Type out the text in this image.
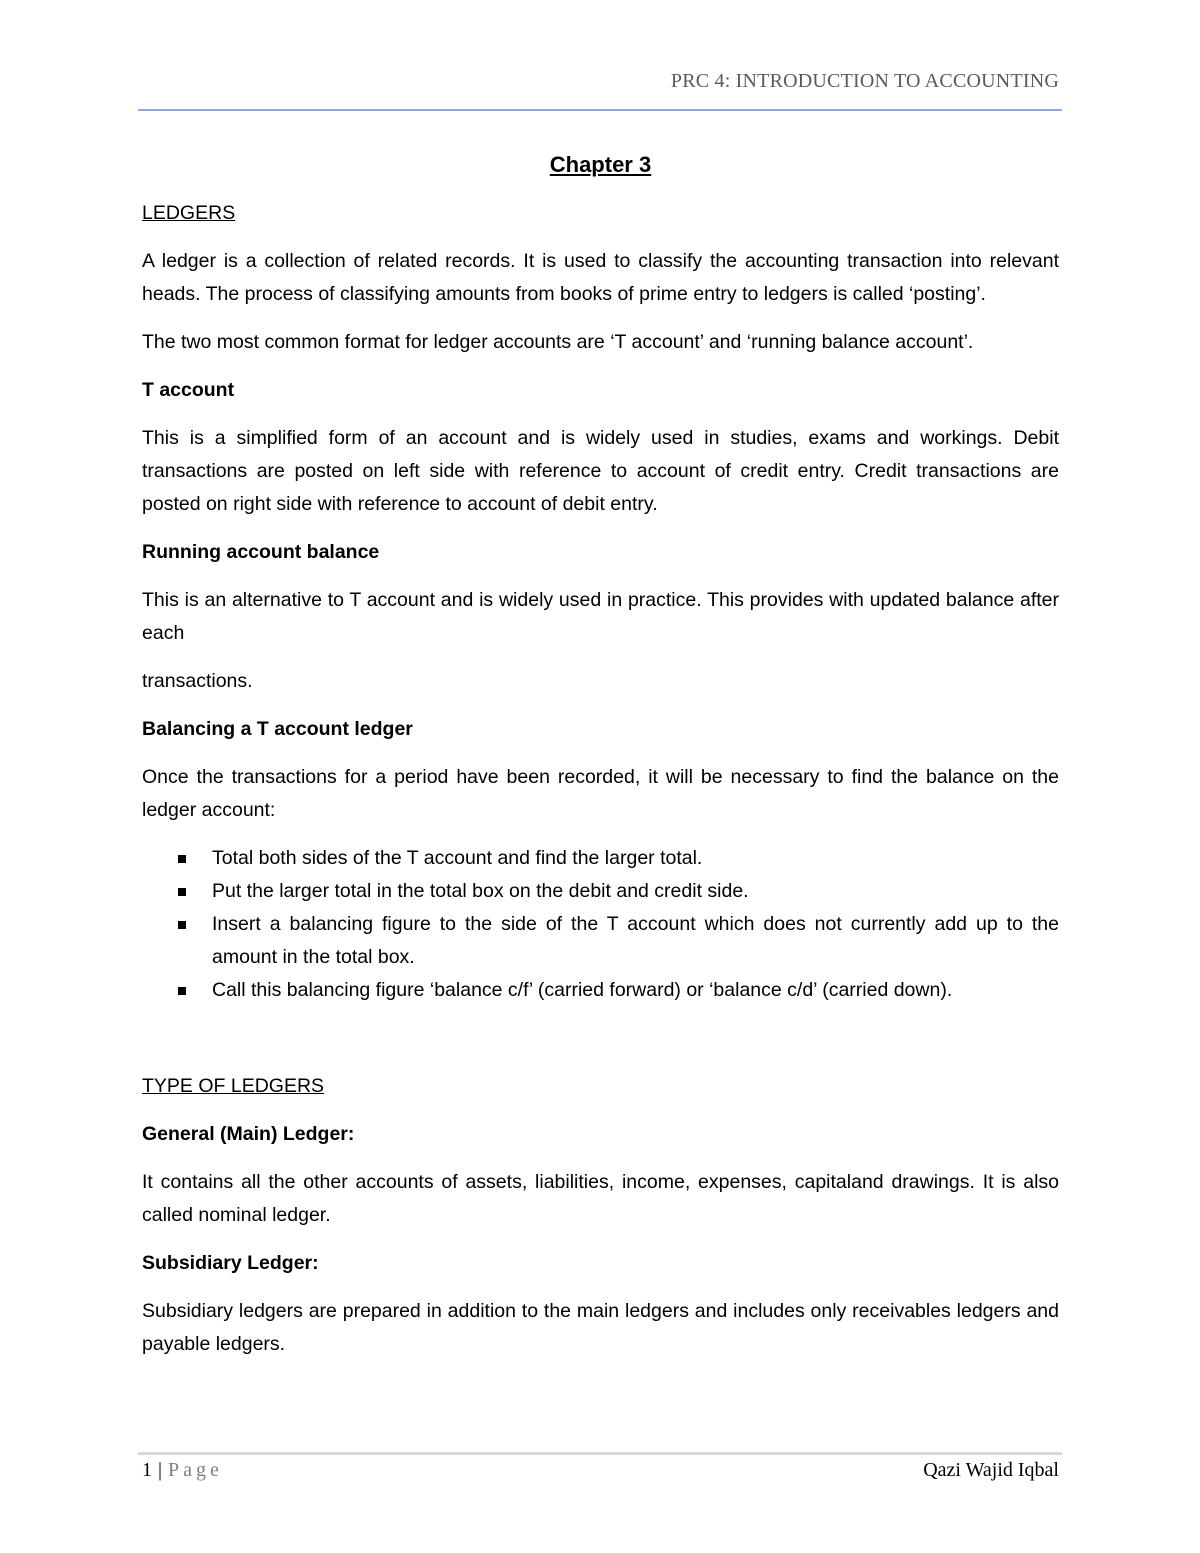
PRC 4: INTRODUCTION TO ACCOUNTING

Chapter 3

LEDGERS

A ledger is a collection of related records. It is used to classify the accounting transaction into relevant heads. The process of classifying amounts from books of prime entry to ledgers is called ‘posting’.

The two most common format for ledger accounts are ‘T account’ and ‘running balance account’.

T account

This is a simplified form of an account and is widely used in studies, exams and workings. Debit transactions are posted on left side with reference to account of credit entry. Credit transactions are posted on right side with reference to account of debit entry.

Running account balance

This is an alternative to T account and is widely used in practice. This provides with updated balance after each

transactions.

Balancing a T account ledger

Once the transactions for a period have been recorded, it will be necessary to find the balance on the ledger account:

Total both sides of the T account and find the larger total.
Put the larger total in the total box on the debit and credit side.
Insert a balancing figure to the side of the T account which does not currently add up to the amount in the total box.
Call this balancing figure ‘balance c/f’ (carried forward) or ‘balance c/d’ (carried down).

TYPE OF LEDGERS

General (Main) Ledger:

It contains all the other accounts of assets, liabilities, income, expenses, capitaland drawings. It is also called nominal ledger.

Subsidiary Ledger:

Subsidiary ledgers are prepared in addition to the main ledgers and includes only receivables ledgers and payable ledgers.

1 | Page	Qazi Wajid Iqbal
